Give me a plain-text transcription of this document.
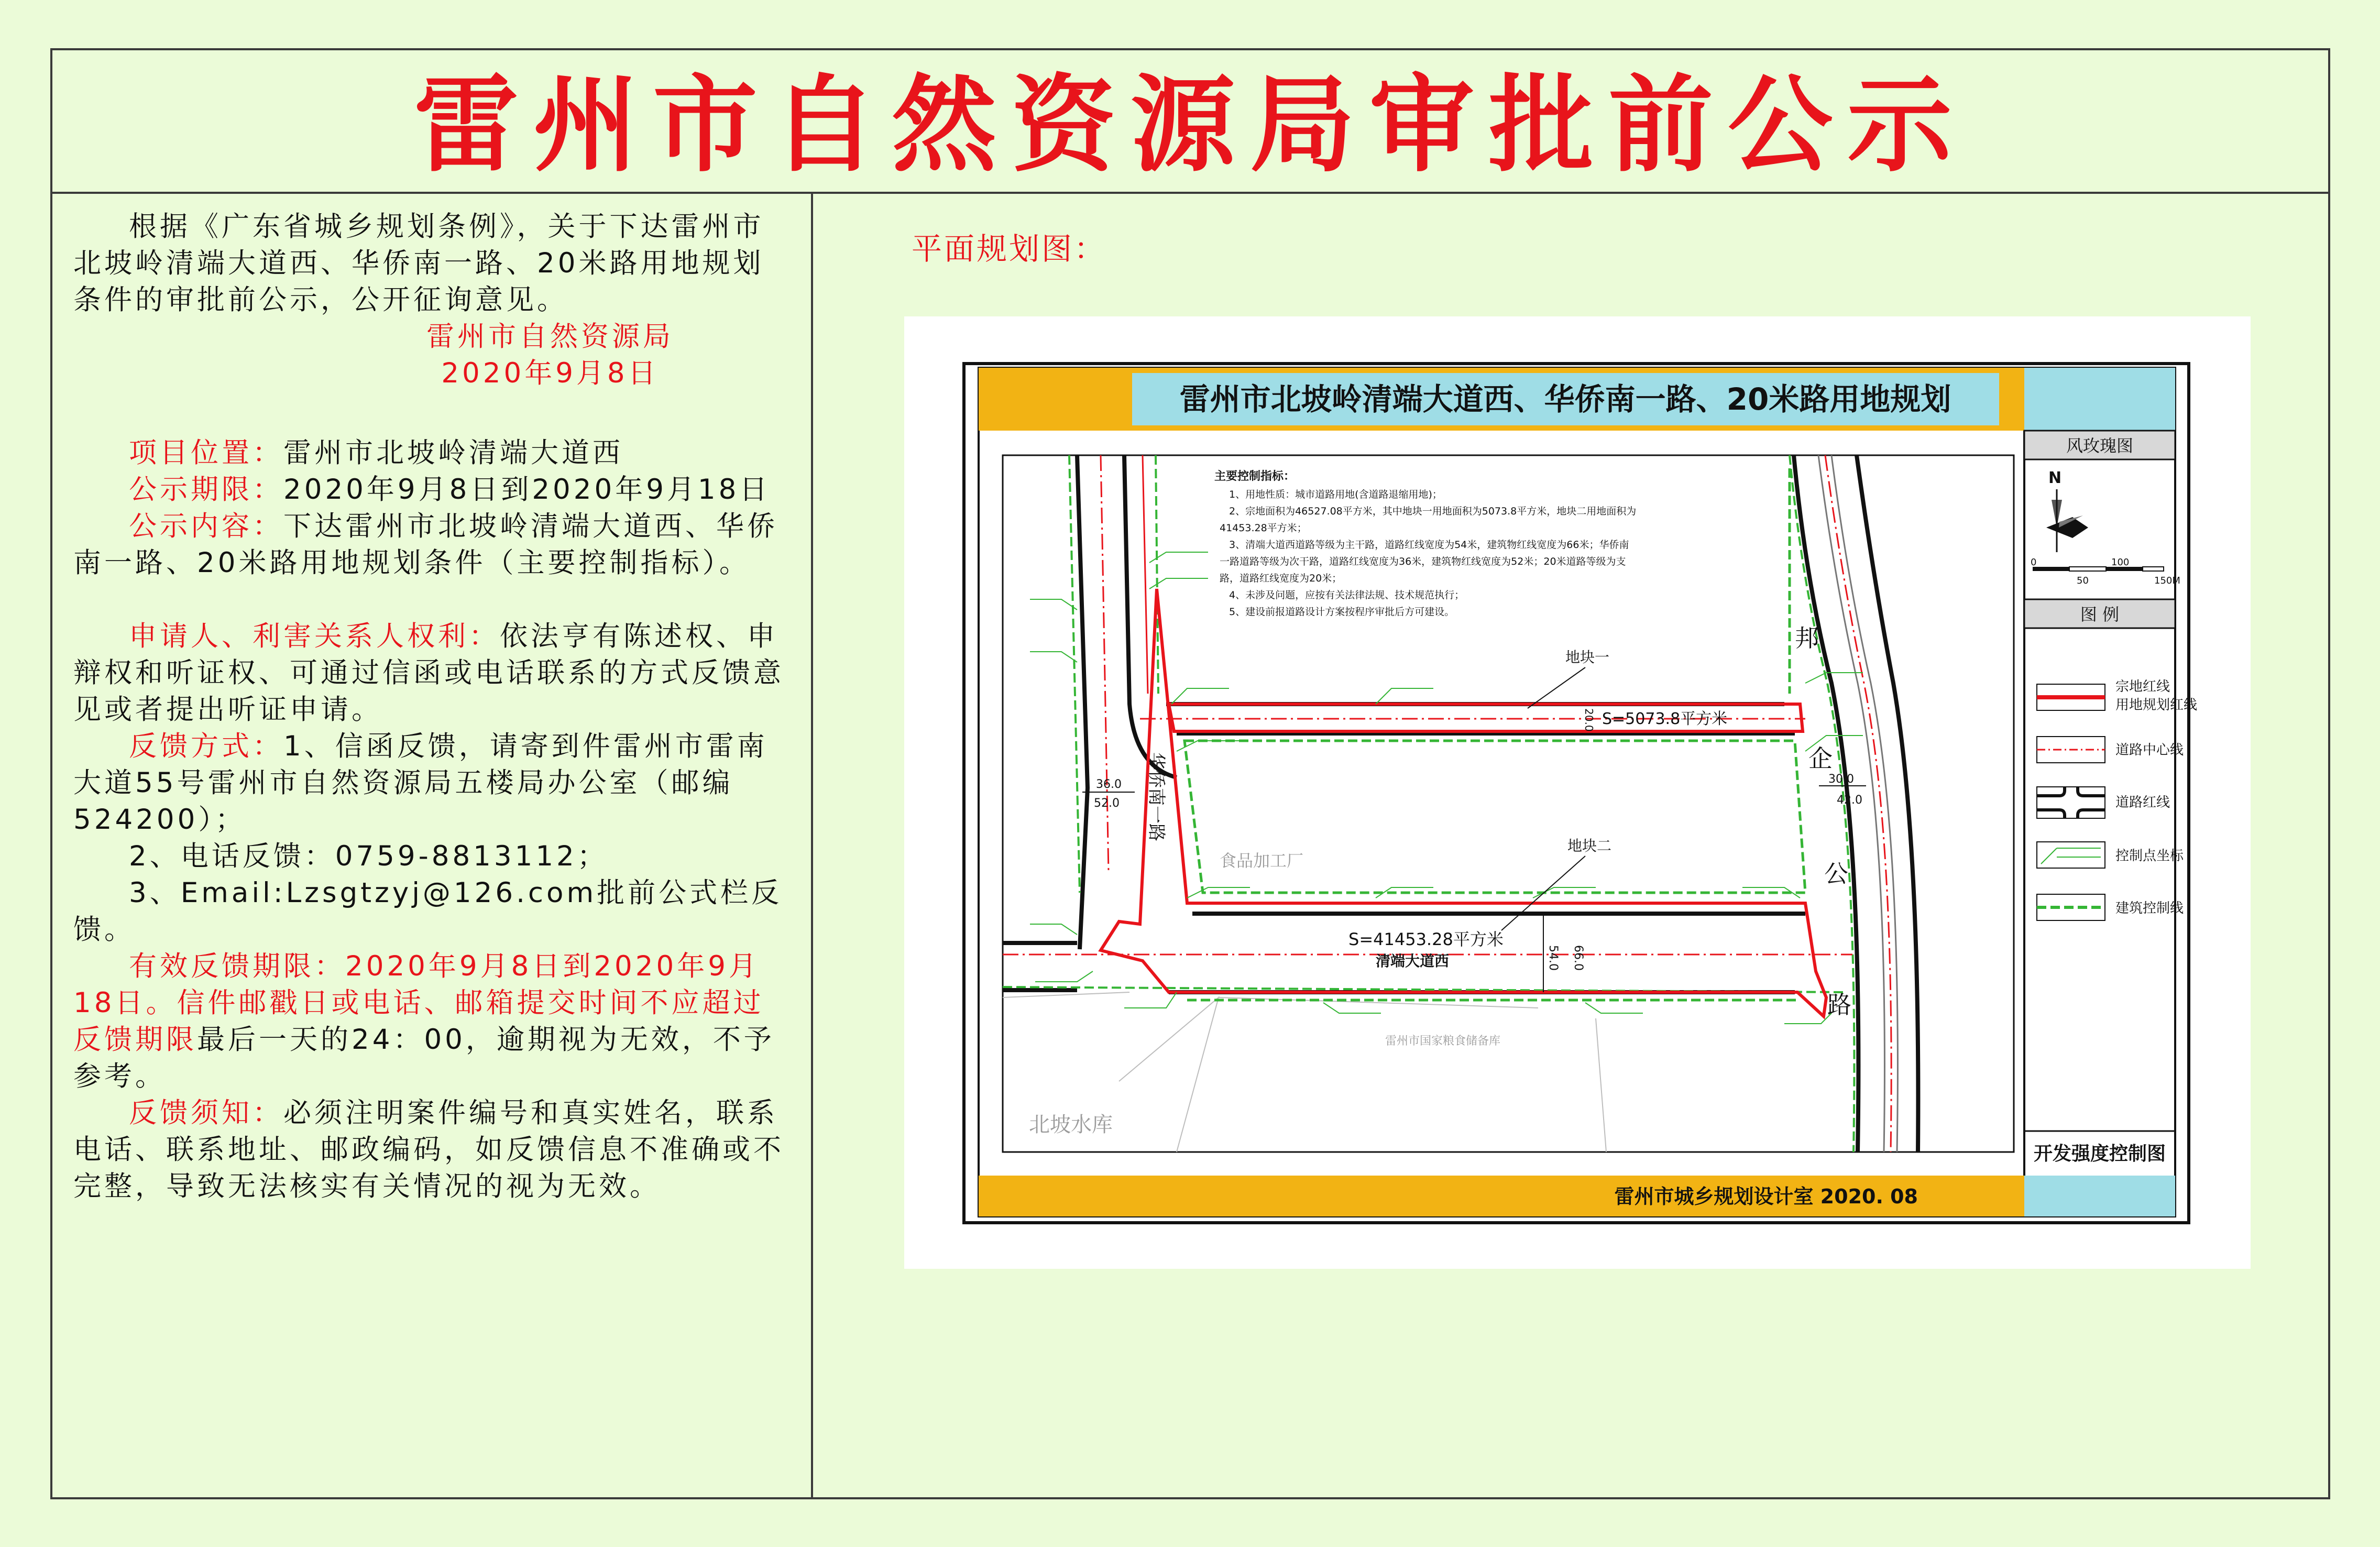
雷州市自然资源局审批前公示
根据《广东省城乡规划条例》，关于下达雷州市北坡岭清端大道西、华侨南一路、20米路用地规划条件的审批前公示，公开征询意见。
雷州市自然资源局
2020年9月8日
项目位置：雷州市北坡岭清端大道西
公示期限：2020年9月8日到2020年9月18日
公示内容：下达雷州市北坡岭清端大道西、华侨南一路、20米路用地规划条件（主要控制指标）。
申请人、利害关系人权利：依法亨有陈述权、申辩权和听证权、可通过信函或电话联系的方式反馈意见或者提出听证申请。
反馈方式：1、信函反馈，请寄到件雷州市雷南大道55号雷州市自然资源局五楼局办公室（邮编524200）；
2、电话反馈：0759-8813112；
3、Email:Lzsgtzyj@126.com批前公式栏反馈。
有效反馈期限：2020年9月8日到2020年9月18日。信件邮戳日或电话、邮箱提交时间不应超过反馈期限最后一天的24：00，逾期视为无效，不予参考。
反馈须知：必须注明案件编号和真实姓名，联系电话、联系地址、邮政编码，如反馈信息不准确或不完整，导致无法核实有关情况的视为无效。
平面规划图：
雷州市北坡岭清端大道西、华侨南一路、20米路用地规划
雷州市城乡规划设计室 2020. 08
风玫瑰图
N
0
50
100
150M
图 例
宗地红线
用地规划红线
道路中心线
道路红线
控制点坐标
建筑控制线
开发强度控制图
主要控制指标：
1、用地性质：城市道路用地(含道路退缩用地)；
2、宗地面积为46527.08平方米，其中地块一用地面积为5073.8平方米，地块二用地面积为
41453.28平方米；
3、清端大道西道路等级为主干路，道路红线宽度为54米，建筑物红线宽度为66米；华侨南
一路道路等级为次干路，道路红线宽度为36米，建筑物红线宽度为52米；20米道路等级为支
路，道路红线宽度为20米；
4、未涉及问题，应按有关法律法规、技术规范执行；
5、建设前报道路设计方案按程序审批后方可建设。
地块一
S=5073.8平方米
地块二
S=41453.28平方米
清端大道西
邦
企
公
路
华侨南一路
食品加工厂
北坡水库
雷州市国家粮食储备库
30.0
42.0
36.0
52.0
54.0 66.0
20.0
